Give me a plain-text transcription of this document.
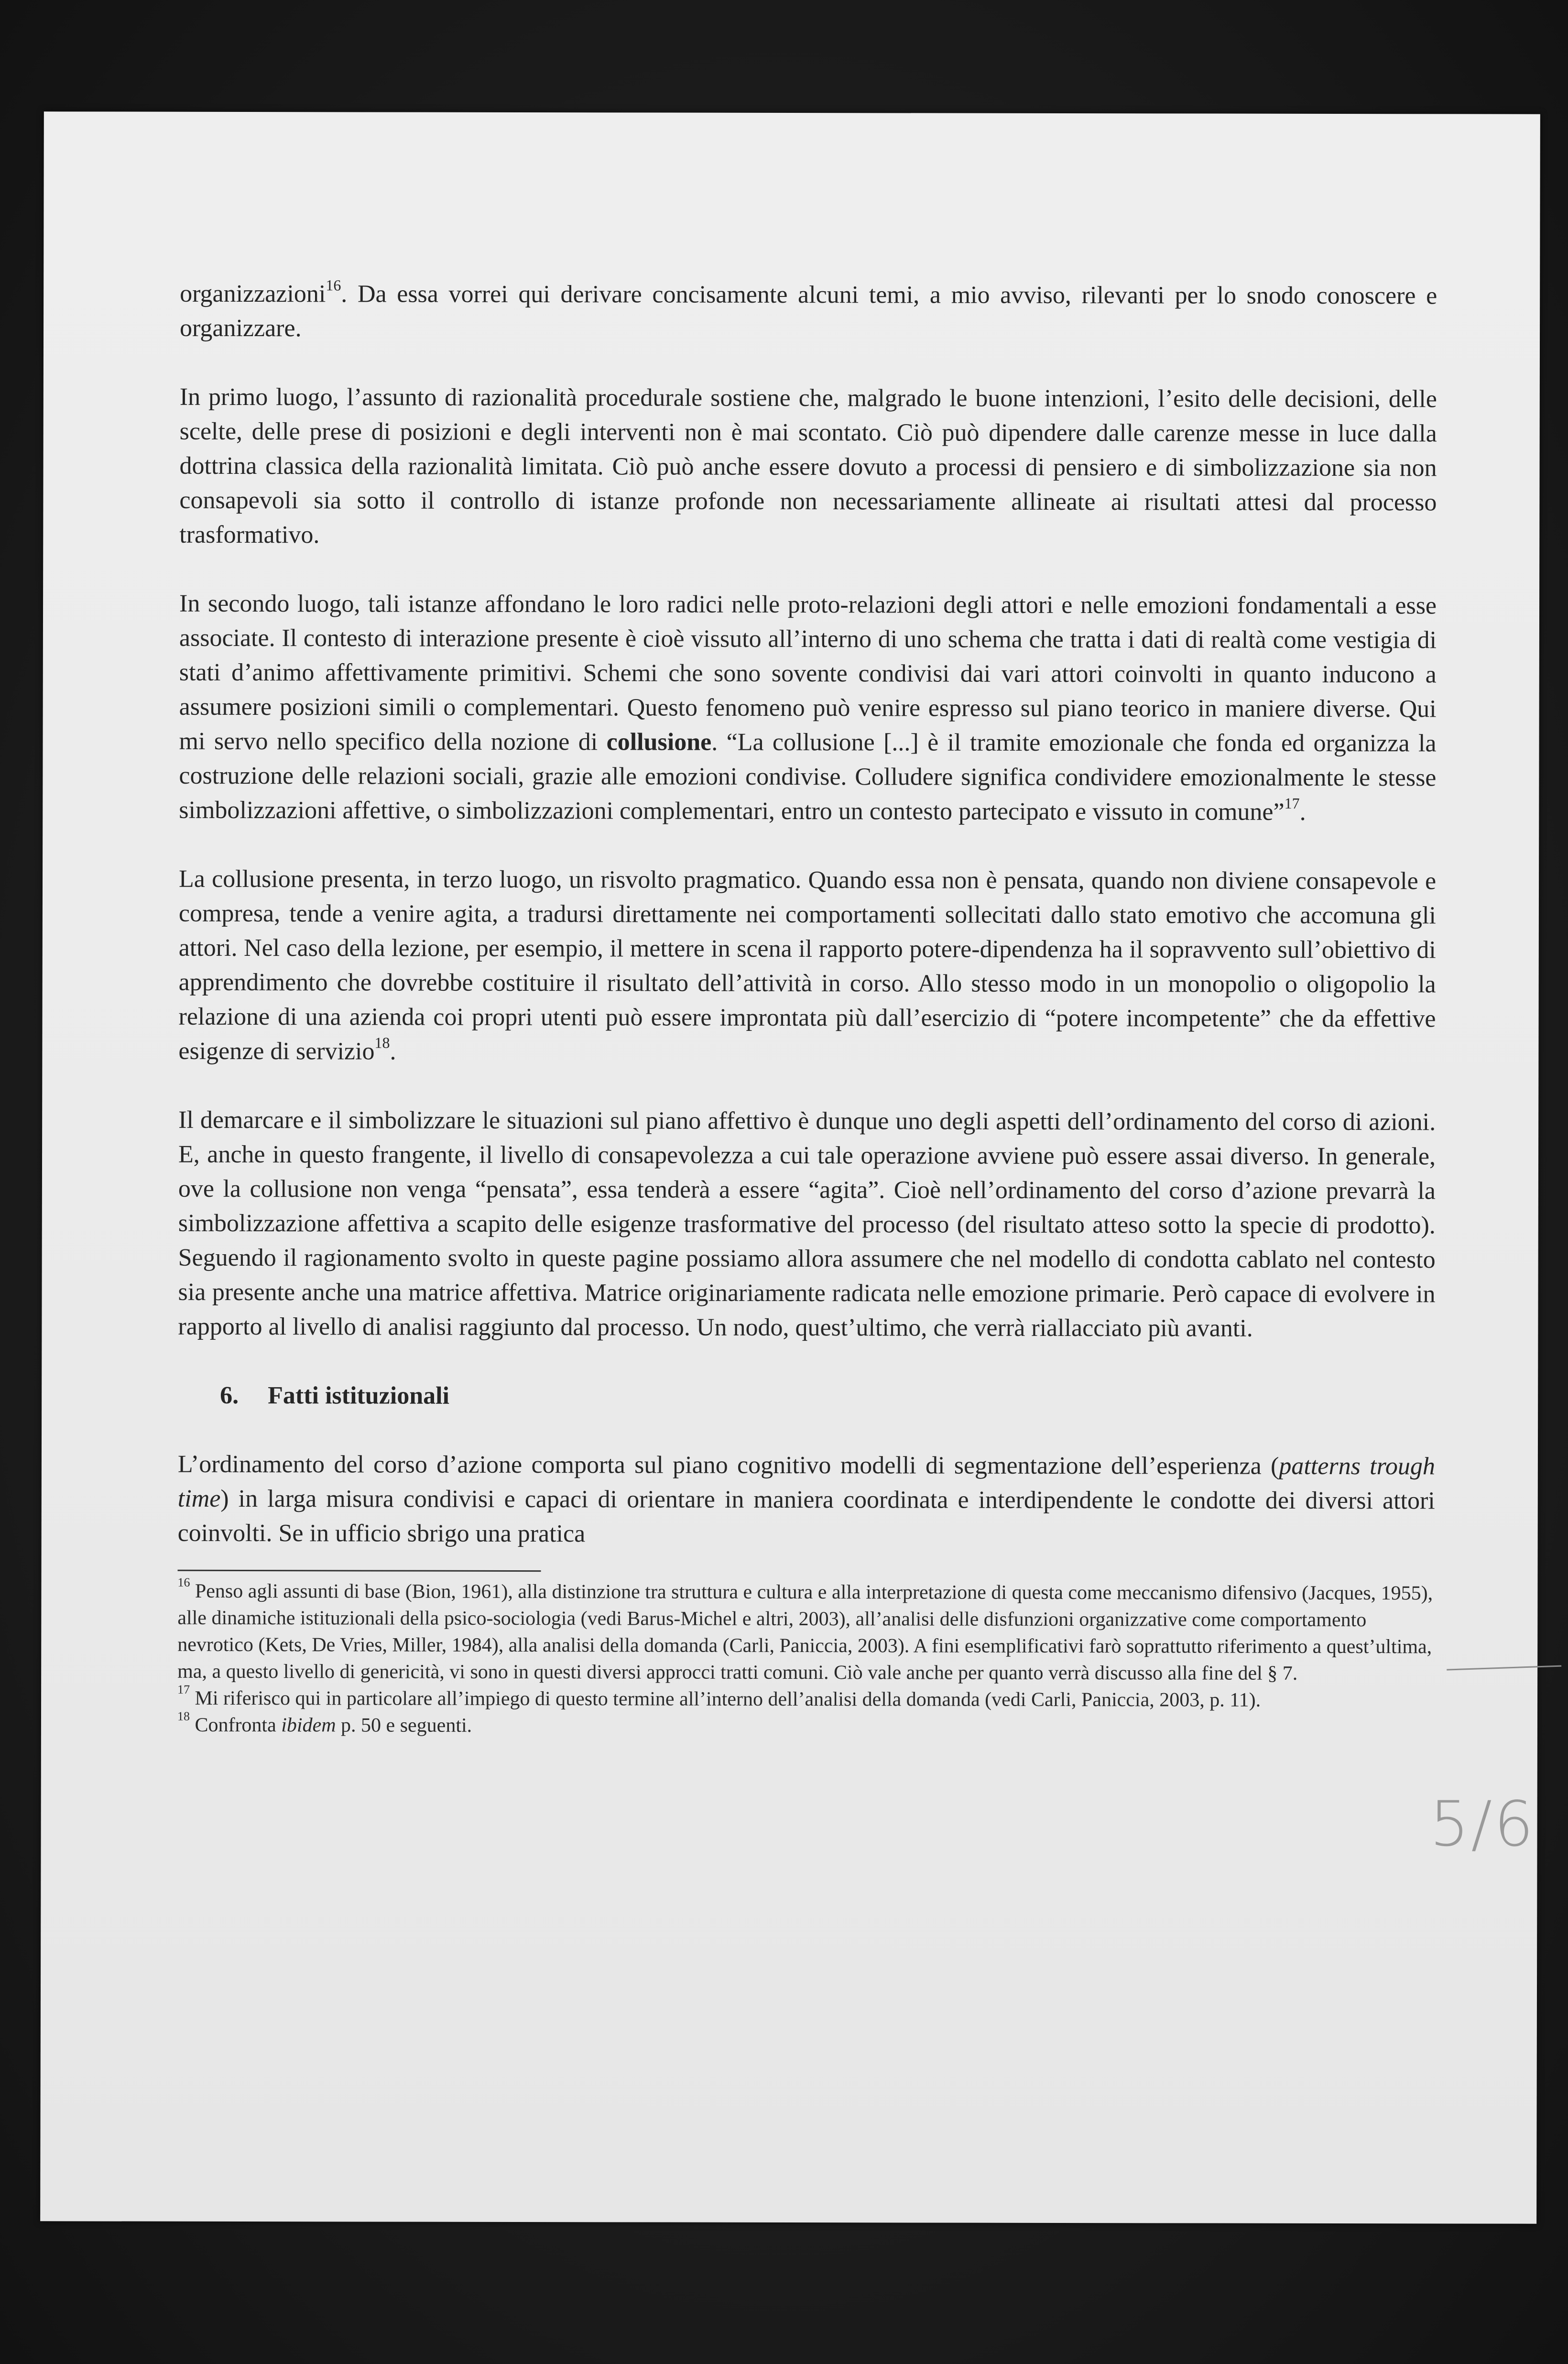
organizzazioni$^{16}$. Da essa vorrei qui derivare concisamente alcuni temi, a mio avviso, rilevanti per lo snodo conoscere e organizzare.

In primo luogo, l’assunto di razionalità procedurale sostiene che, malgrado le buone intenzioni, l’esito delle decisioni, delle scelte, delle prese di posizioni e degli interventi non è mai scontato. Ciò può dipendere dalle carenze messe in luce dalla dottrina classica della razionalità limitata. Ciò può anche essere dovuto a processi di pensiero e di simbolizzazione sia non consapevoli sia sotto il controllo di istanze profonde non necessariamente allineate ai risultati attesi dal processo trasformativo.

In secondo luogo, tali istanze affondano le loro radici nelle proto-relazioni degli attori e nelle emozioni fondamentali a esse associate. Il contesto di interazione presente è cioè vissuto all’interno di uno schema che tratta i dati di realtà come vestigia di stati d’animo affettivamente primitivi. Schemi che sono sovente condivisi dai vari attori coinvolti in quanto inducono a assumere posizioni simili o complementari. Questo fenomeno può venire espresso sul piano teorico in maniere diverse. Qui mi servo nello specifico della nozione di collusione. “La collusione [...] è il tramite emozionale che fonda ed organizza la costruzione delle relazioni sociali, grazie alle emozioni condivise. Colludere significa condividere emozionalmente le stesse simbolizzazioni affettive, o simbolizzazioni complementari, entro un contesto partecipato e vissuto in comune”$^{17}$.

La collusione presenta, in terzo luogo, un risvolto pragmatico. Quando essa non è pensata, quando non diviene consapevole e compresa, tende a venire agita, a tradursi direttamente nei comportamenti sollecitati dallo stato emotivo che accomuna gli attori. Nel caso della lezione, per esempio, il mettere in scena il rapporto potere-dipendenza ha il sopravvento sull’obiettivo di apprendimento che dovrebbe costituire il risultato dell’attività in corso. Allo stesso modo in un monopolio o oligopolio la relazione di una azienda coi propri utenti può essere improntata più dall’esercizio di “potere incompetente” che da effettive esigenze di servizio$^{18}$.

Il demarcare e il simbolizzare le situazioni sul piano affettivo è dunque uno degli aspetti dell’ordinamento del corso di azioni. E, anche in questo frangente, il livello di consapevolezza a cui tale operazione avviene può essere assai diverso. In generale, ove la collusione non venga “pensata”, essa tenderà a essere “agita”. Cioè nell’ordinamento del corso d’azione prevarrà la simbolizzazione affettiva a scapito delle esigenze trasformative del processo (del risultato atteso sotto la specie di prodotto). Seguendo il ragionamento svolto in queste pagine possiamo allora assumere che nel modello di condotta cablato nel contesto sia presente anche una matrice affettiva. Matrice originariamente radicata nelle emozione primarie. Però capace di evolvere in rapporto al livello di analisi raggiunto dal processo. Un nodo, quest’ultimo, che verrà riallacciato più avanti.

6. Fatti istituzionali

L’ordinamento del corso d’azione comporta sul piano cognitivo modelli di segmentazione dell’esperienza (patterns trough time) in larga misura condivisi e capaci di orientare in maniera coordinata e interdipendente le condotte dei diversi attori coinvolti. Se in ufficio sbrigo una pratica

$^{16}$ Penso agli assunti di base (Bion, 1961), alla distinzione tra struttura e cultura e alla interpretazione di questa come meccanismo difensivo (Jacques, 1955), alle dinamiche istituzionali della psico-sociologia (vedi Barus-Michel e altri, 2003), all’analisi delle disfunzioni organizzative come comportamento nevrotico (Kets, De Vries, Miller, 1984), alla analisi della domanda (Carli, Paniccia, 2003). A fini esemplificativi farò soprattutto riferimento a quest’ultima, ma, a questo livello di genericità, vi sono in questi diversi approcci tratti comuni. Ciò vale anche per quanto verrà discusso alla fine del § 7.

$^{17}$ Mi riferisco qui in particolare all’impiego di questo termine all’interno dell’analisi della domanda (vedi Carli, Paniccia, 2003, p. 11).

$^{18}$ Confronta ibidem p. 50 e seguenti.

5/6
